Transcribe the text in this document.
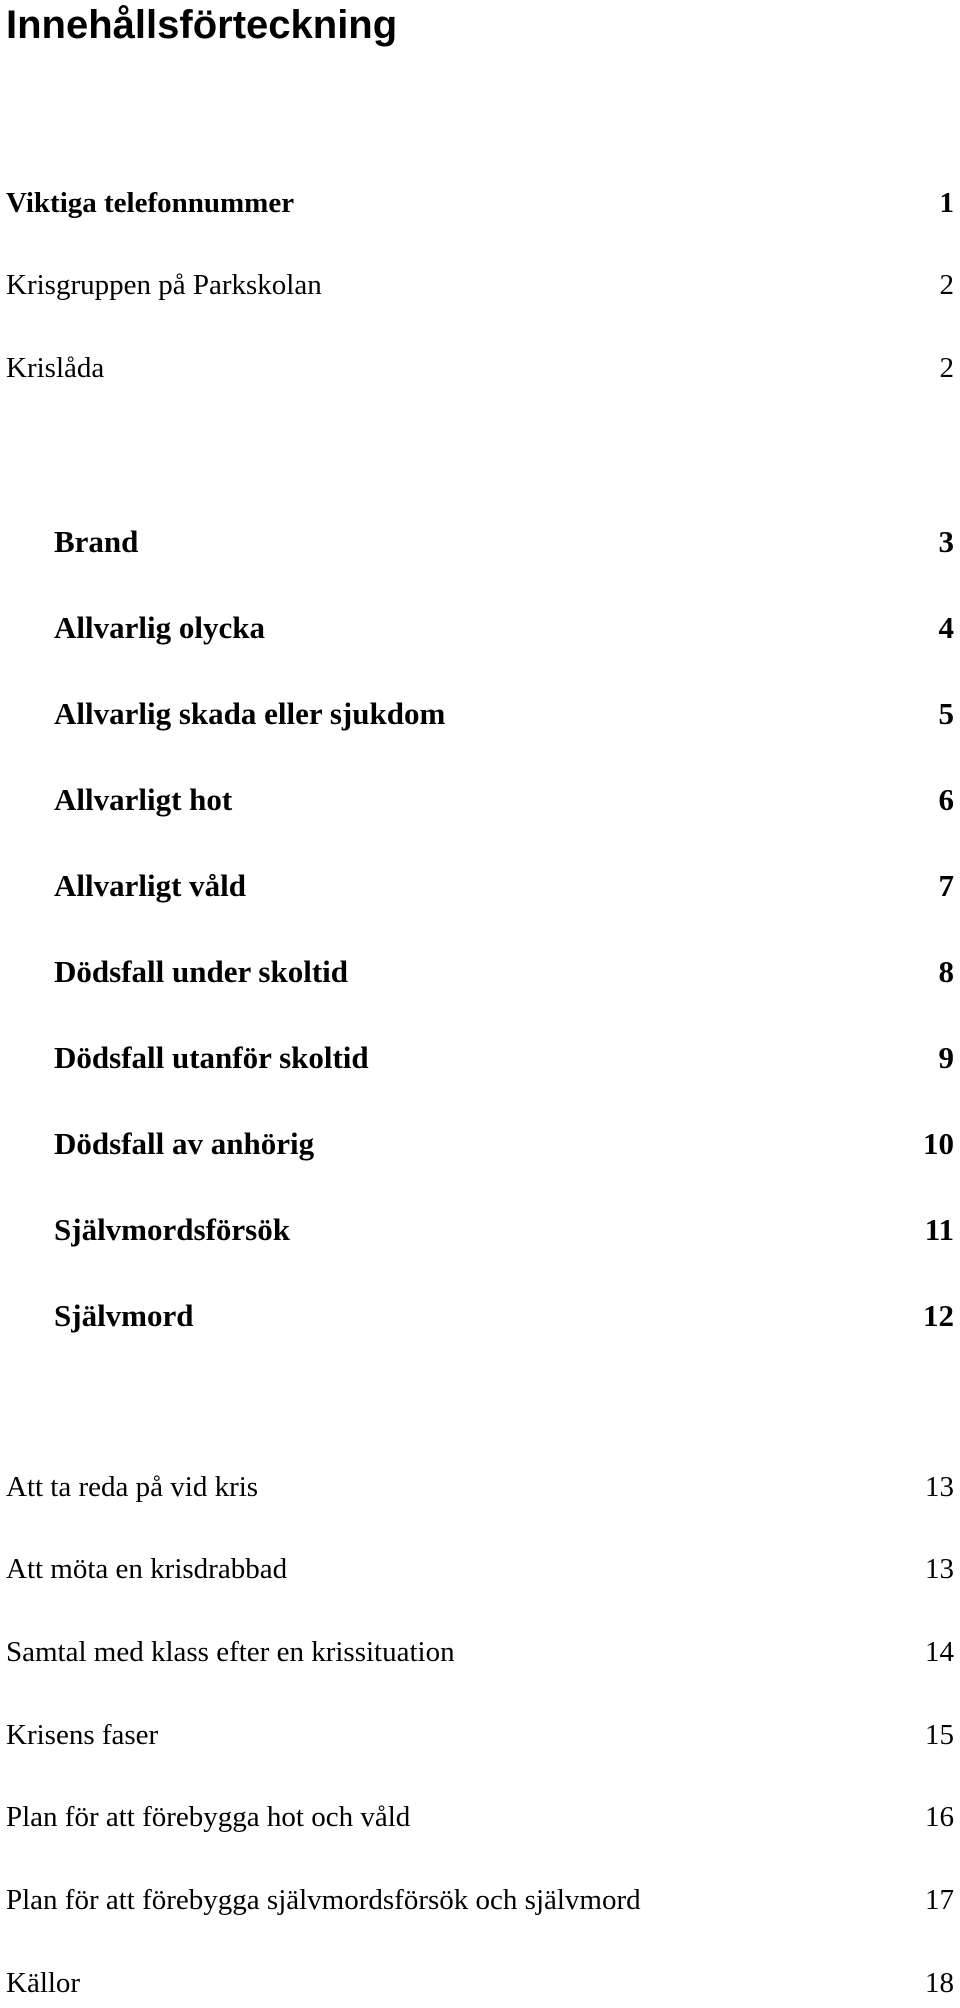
Innehållsförteckning
Viktiga telefonnummer	1
Krisgruppen på Parkskolan	2
Krislåda	2
Brand	3
Allvarlig olycka	4
Allvarlig skada eller sjukdom	5
Allvarligt hot	6
Allvarligt våld	7
Dödsfall under skoltid	8
Dödsfall utanför skoltid	9
Dödsfall av anhörig	10
Självmordsförsök	11
Självmord	12
Att ta reda på vid kris	13
Att möta en krisdrabbad	13
Samtal med klass efter en krissituation	14
Krisens faser	15
Plan för att förebygga hot och våld	16
Plan för att förebygga självmordsförsök och självmord	17
Källor	18
